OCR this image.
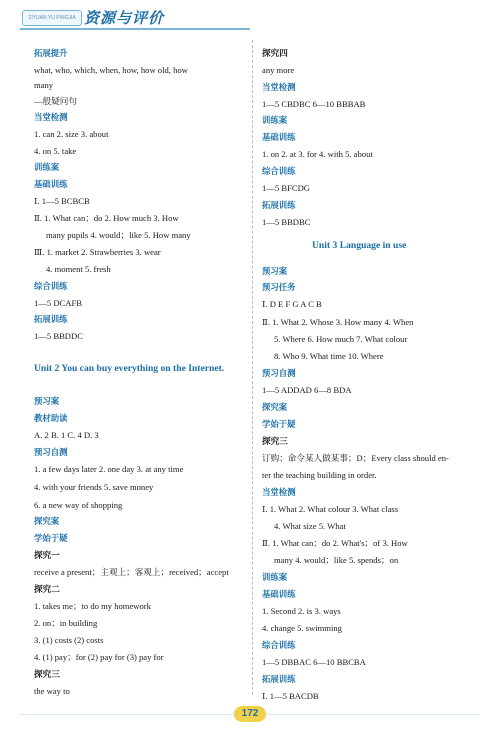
ZIYUAN YU PINGJIA 资源与评价
拓展提升
what, who, which, when, how, how old, how
many
—般疑问句
当堂检测
1. can 2. size 3. about
4. on 5. take
训练案
基础训练
Ⅰ. 1—5 BCBCB
Ⅱ. 1. What can；do 2. How much 3. How
many pupils 4. would；like 5. How many
Ⅲ. 1. market 2. Strawberries 3. wear
4. moment 5. fresh
综合训练
1—5 DCAFB
拓展训练
1—5 BBDDC
Unit 2 You can buy everything on the Internet.
预习案
教材助读
A. 2 B. 1 C. 4 D. 3
预习自测
1. a few days later 2. one day 3. at any time
4. with your friends 5. save money
6. a new way of shopping
探究案
学始于疑
探究一
receive a present；主观上；客观上；received；accept
探究二
1. takes me；to do my homework
2. on；in building
3. (1) costs (2) costs
4. (1) pay；for (2) pay for (3) pay for
探究三
the way to
探究四
any more
当堂检测
1—5 CBDBC 6—10 BBBAB
训练案
基础训练
1. on 2. at 3. for 4. with 5. about
综合训练
1—5 BFCDG
拓展训练
1—5 BBDBC
Unit 3 Language in use
预习案
预习任务
Ⅰ. D E F G A C B
Ⅱ. 1. What 2. Whose 3. How many 4. When
5. Where 6. How much 7. What colour
8. Who 9. What time 10. Where
预习自测
1—5 ADDAD 6—8 BDA
探究案
学始于疑
探究三
订购；命令某人做某事；D；Every class should en-
ter the teaching building in order.
当堂检测
Ⅰ. 1. What 2. What colour 3. What class
4. What size 5. What
Ⅱ. 1. What can；do 2. What's；of 3. How
many 4. would；like 5. spends；on
训练案
基础训练
1. Second 2. is 3. ways
4. change 5. swimming
综合训练
1—5 DBBAC 6—10 BBCBA
拓展训练
Ⅰ. 1—5 BACDB
172
